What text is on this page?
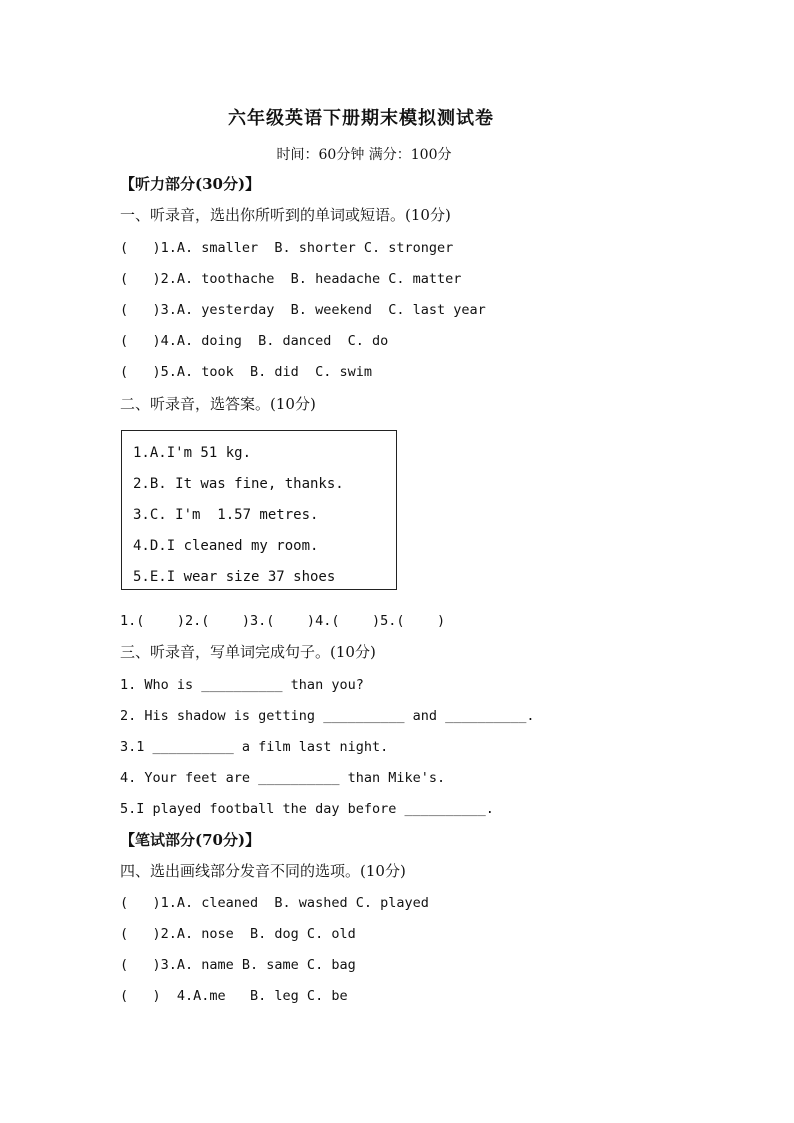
六年级英语下册期末模拟测试卷
时间：60分钟 满分：100分
【听力部分(30分)】
一、听录音，选出你所听到的单词或短语。(10分)
(   )1.A. smaller  B. shorter C. stronger
(   )2.A. toothache  B. headache C. matter
(   )3.A. yesterday  B. weekend  C. last year
(   )4.A. doing  B. danced  C. do
(   )5.A. took  B. did  C. swim
二、听录音，选答案。(10分)
1.A.I'm 51 kg.
2.B. It was fine, thanks.
3.C. I'm  1.57 metres.
4.D.I cleaned my room.
5.E.I wear size 37 shoes
1.(    )2.(    )3.(    )4.(    )5.(    )
三、听录音，写单词完成句子。(10分)
1. Who is __________ than you?
2. His shadow is getting __________ and __________.
3.1 __________ a film last night.
4. Your feet are __________ than Mike's.
5.I played football the day before __________.
【笔试部分(70分)】
四、选出画线部分发音不同的选项。(10分)
(   )1.A. cleaned  B. washed C. played
(   )2.A. nose  B. dog C. old
(   )3.A. name B. same C. bag
(   )  4.A.me   B. leg C. be
